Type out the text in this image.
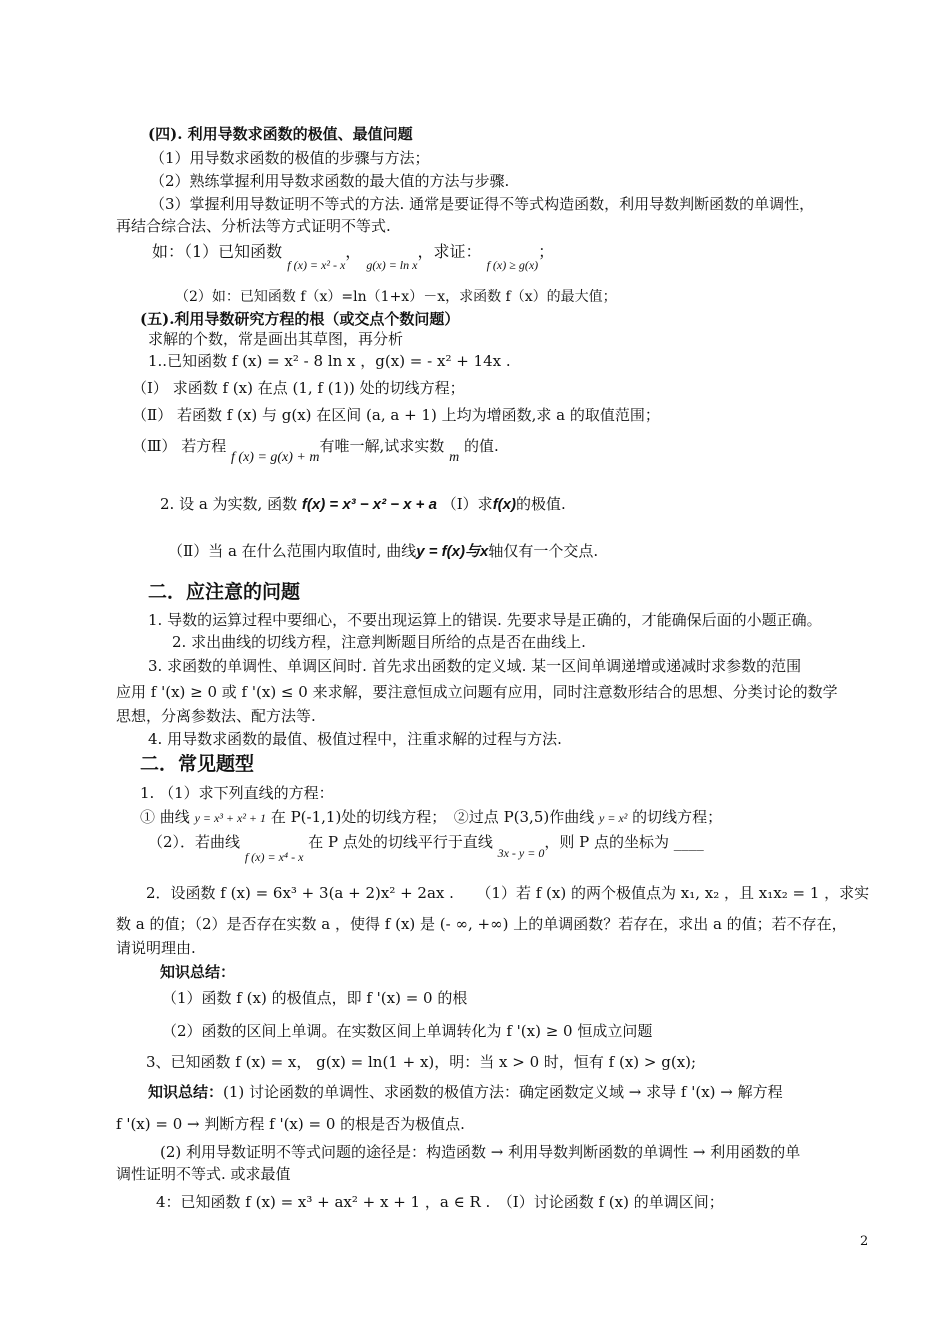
(四). 利用导数求函数的极值、最值问题
（1）用导数求函数的极值的步骤与方法；
（2）熟练掌握利用导数求函数的最大值的方法与步骤.
（3）掌握利用导数证明不等式的方法. 通常是要证得不等式构造函数，利用导数判断函数的单调性，
再结合综合法、分析法等方式证明不等式.
如：（1）已知函数 $_{f (x) = x^2 - x}$， $_{g(x) = ln x}$，求证： $_{f (x) \ge g(x)}$；
（2）如：已知函数 f（x）=ln（1+x）－x，求函数 f（x）的最大值；
(五).利用导数研究方程的根（或交点个数问题）
求解的个数，常是画出其草图，再分析
1..已知函数 f (x) = x² - 8 ln x ，g(x) = - x² + 14x .
（Ⅰ） 求函数 f (x) 在点 (1, f (1)) 处的切线方程；
（Ⅱ） 若函数 f (x) 与 g(x) 在区间 (a, a + 1) 上均为增函数,求 a 的取值范围；
（Ⅲ） 若方程 f (x) = g(x) + m有唯一解,试求实数 m 的值.
2. 设 a 为实数, 函数 f(x) = x³ − x² − x + a （Ⅰ）求f(x)的极值.
（Ⅱ）当 a 在什么范围内取值时, 曲线y = f(x)与x轴仅有一个交点.
二．应注意的问题
1. 导数的运算过程中要细心，不要出现运算上的错误. 先要求导是正确的，才能确保后面的小题正确。
2. 求出曲线的切线方程，注意判断题目所给的点是否在曲线上.
3. 求函数的单调性、单调区间时. 首先求出函数的定义域. 某一区间单调递增或递减时求参数的范围
应用 f '(x) ≥ 0 或 f '(x) ≤ 0 来求解，要注意恒成立问题有应用，同时注意数形结合的思想、分类讨论的数学
思想，分离参数法、配方法等.
4. 用导数求函数的最值、极值过程中，注重求解的过程与方法.
二．常见题型
1. （1）求下列直线的方程：
① 曲线 y = x³ + x² + 1 在 P(-1,1)处的切线方程；　②过点 P(3,5)作曲线 y = x² 的切线方程；
（2）．若曲线 $_{f (x) = x^4 - x}$ 在 P 点处的切线平行于直线 $_{3x - y = 0}$，则 P 点的坐标为 ____
2．设函数 f (x) = 6x³ + 3(a + 2)x² + 2ax .　　（1）若 f (x) 的两个极值点为 x₁, x₂ ，且 x₁x₂ = 1 ，求实
数 a 的值；（2）是否存在实数 a ，使得 f (x) 是 (- ∞, +∞) 上的单调函数？若存在，求出 a 的值；若不存在，
请说明理由.
知识总结：
（1）函数 f (x) 的极值点，即 f '(x) = 0 的根
（2）函数的区间上单调。在实数区间上单调转化为 f '(x) ≥ 0 恒成立问题
3、已知函数 f (x) = x， g(x) = ln(1 + x)，明：当 x > 0 时，恒有 f (x) > g(x);
知识总结：(1) 讨论函数的单调性、求函数的极值方法：确定函数定义域 → 求导 f '(x) → 解方程
f '(x) = 0 → 判断方程 f '(x) = 0 的根是否为极值点.
(2) 利用导数证明不等式问题的途径是：构造函数 → 利用导数判断函数的单调性 → 利用函数的单
调性证明不等式. 或求最值
4：已知函数 f (x) = x³ + ax² + x + 1 ，a ∈ R .　（I）讨论函数 f (x) 的单调区间；
2
